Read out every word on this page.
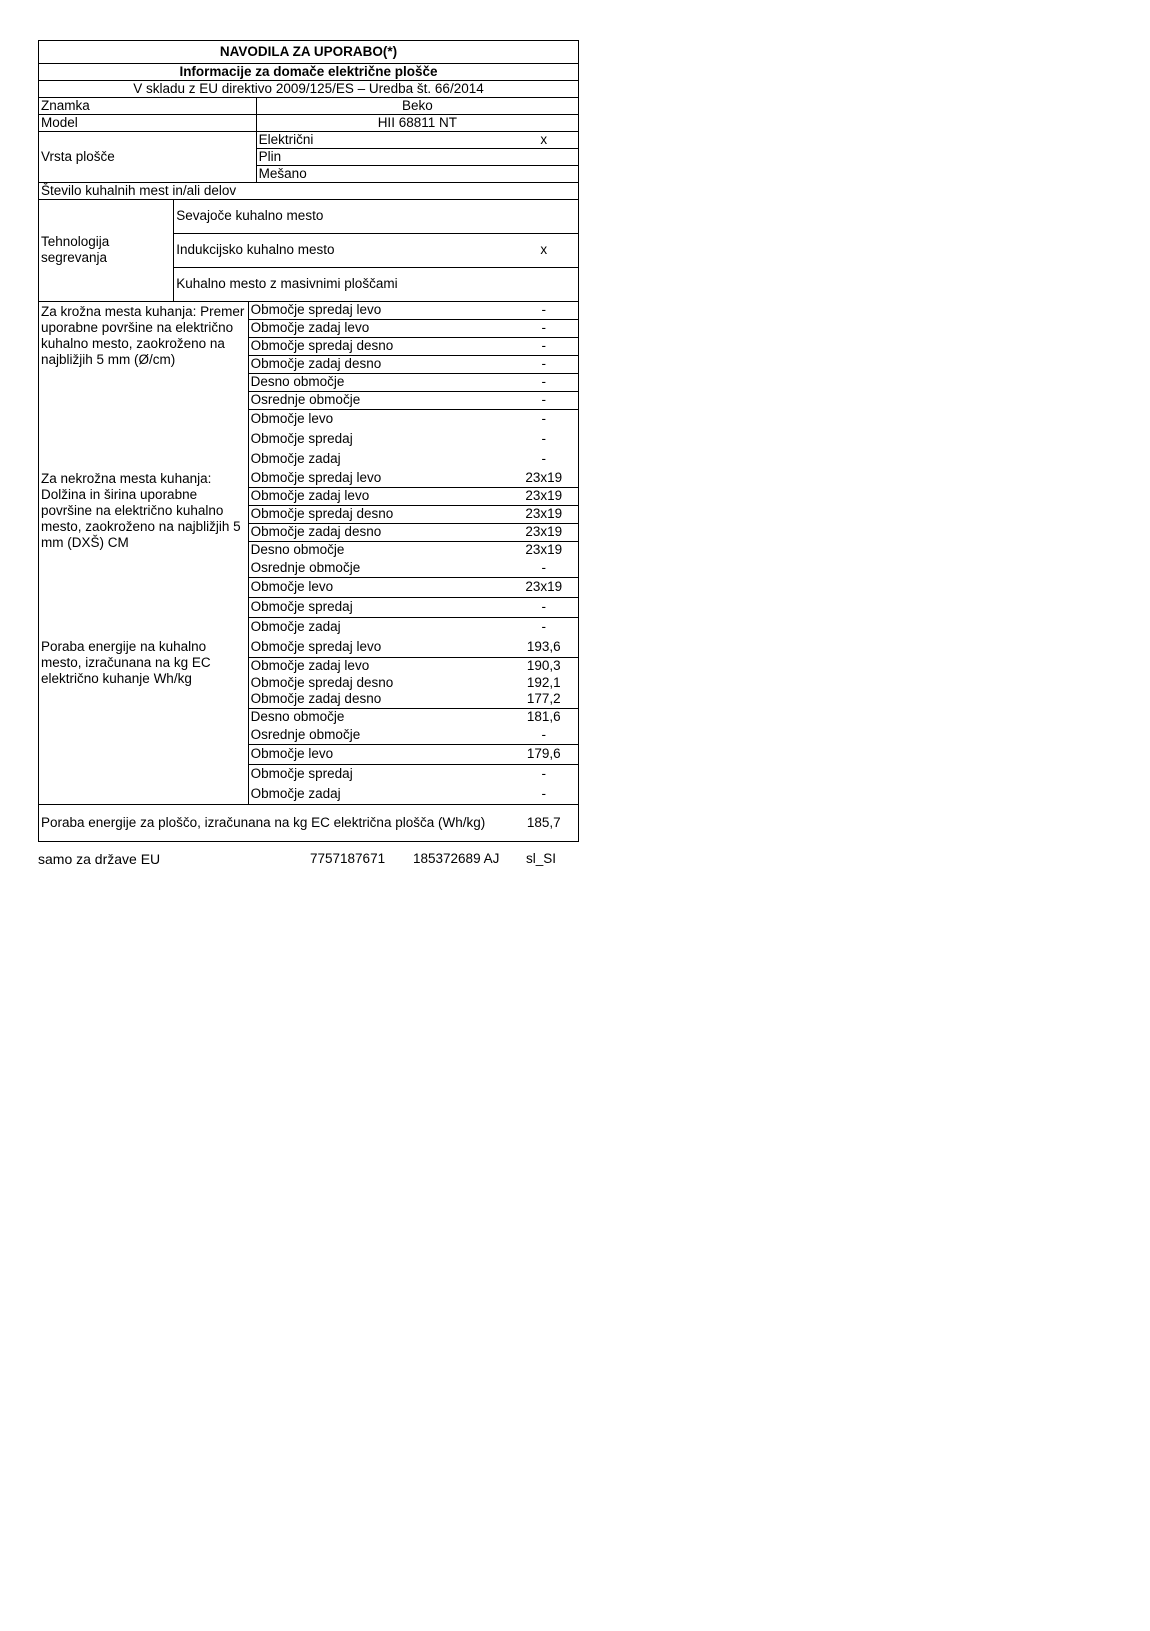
NAVODILA ZA UPORABO(*)				
Informacije za domače električne plošče				
V skladu z EU direktivo 2009/125/ES – Uredba št. 66/2014				
Znamka			Beko	
Model			HII 68811 NT	
Vrsta plošče			Električni	x
			Plin	
			Mešano	
Število kuhalnih mest in/ali delov				
Tehnologija segrevanja	Sevajoče kuhalno mesto			
	Indukcijsko kuhalno mesto			x
	Kuhalno mesto z masivnimi ploščami			
Za krožna mesta kuhanja: Premer uporabne površine na električno kuhalno mesto, zaokroženo na najbližjih 5 mm (Ø/cm)		Območje spredaj levo		-
		Območje zadaj levo		-
		Območje spredaj desno		-
		Območje zadaj desno		-
		Desno območje		-
		Osrednje območje		-
		Območje levo		-
		Območje spredaj		-
		Območje zadaj		-
Za nekrožna mesta kuhanja: Dolžina in širina uporabne površine na električno kuhalno mesto, zaokroženo na najbližjih 5 mm (DXŠ) CM		Območje spredaj levo		23x19
		Območje zadaj levo		23x19
		Območje spredaj desno		23x19
		Območje zadaj desno		23x19
		Desno območje		23x19
		Osrednje območje		-
		Območje levo		23x19
		Območje spredaj		-
		Območje zadaj		-
Poraba energije na kuhalno mesto, izračunana na kg EC električno kuhanje Wh/kg		Območje spredaj levo		193,6
		Območje zadaj levo		190,3
		Območje spredaj desno		192,1
		Območje zadaj desno		177,2
		Desno območje		181,6
		Osrednje območje		-
		Območje levo		179,6
		Območje spredaj		-
		Območje zadaj		-
Poraba energije za ploščo, izračunana na kg EC električna plošča (Wh/kg)				185,7
samo za države EU	7757187671 185372689 AJ sl_SI
